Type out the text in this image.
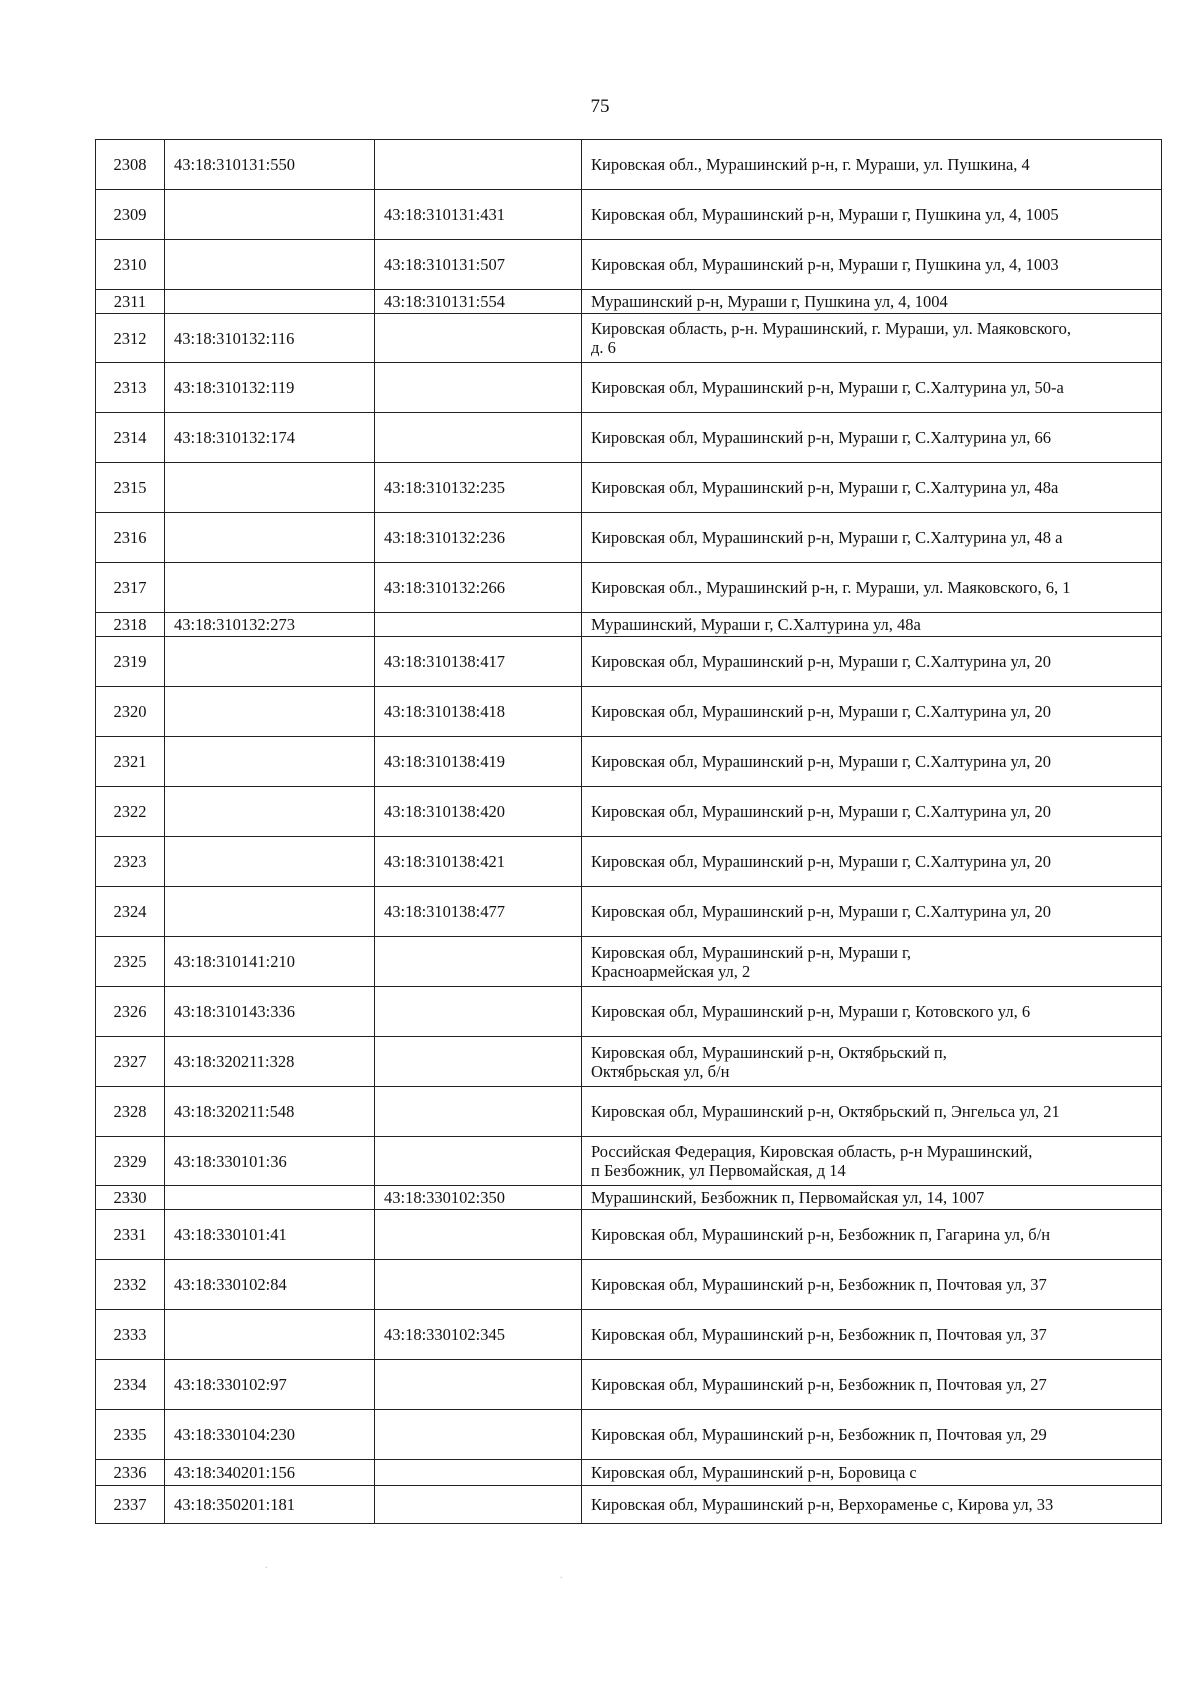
75
2308	43:18:310131:550		Кировская обл., Мурашинский р-н, г. Мураши, ул. Пушкина, 4
2309		43:18:310131:431	Кировская обл, Мурашинский р-н, Мураши г, Пушкина ул, 4, 1005
2310		43:18:310131:507	Кировская обл, Мурашинский р-н, Мураши г, Пушкина ул, 4, 1003
2311		43:18:310131:554	Мурашинский р-н, Мураши г, Пушкина ул, 4, 1004
2312	43:18:310132:116		Кировская область, р-н. Мурашинский, г. Мураши, ул. Маяковского,
д. 6
2313	43:18:310132:119		Кировская обл, Мурашинский р-н, Мураши г, С.Халтурина ул, 50-а
2314	43:18:310132:174		Кировская обл, Мурашинский р-н, Мураши г, С.Халтурина ул, 66
2315		43:18:310132:235	Кировская обл, Мурашинский р-н, Мураши г, С.Халтурина ул, 48а
2316		43:18:310132:236	Кировская обл, Мурашинский р-н, Мураши г, С.Халтурина ул, 48 а
2317		43:18:310132:266	Кировская обл., Мурашинский р-н, г. Мураши, ул. Маяковского, 6, 1
2318	43:18:310132:273		Мурашинский, Мураши г, С.Халтурина ул, 48а
2319		43:18:310138:417	Кировская обл, Мурашинский р-н, Мураши г, С.Халтурина ул, 20
2320		43:18:310138:418	Кировская обл, Мурашинский р-н, Мураши г, С.Халтурина ул, 20
2321		43:18:310138:419	Кировская обл, Мурашинский р-н, Мураши г, С.Халтурина ул, 20
2322		43:18:310138:420	Кировская обл, Мурашинский р-н, Мураши г, С.Халтурина ул, 20
2323		43:18:310138:421	Кировская обл, Мурашинский р-н, Мураши г, С.Халтурина ул, 20
2324		43:18:310138:477	Кировская обл, Мурашинский р-н, Мураши г, С.Халтурина ул, 20
2325	43:18:310141:210		Кировская обл, Мурашинский р-н, Мураши г,
Красноармейская ул, 2
2326	43:18:310143:336		Кировская обл, Мурашинский р-н, Мураши г, Котовского ул, 6
2327	43:18:320211:328		Кировская обл, Мурашинский р-н, Октябрьский п,
Октябрьская ул, б/н
2328	43:18:320211:548		Кировская обл, Мурашинский р-н, Октябрьский п, Энгельса ул, 21
2329	43:18:330101:36		Российская Федерация, Кировская область, р-н Мурашинский,
п Безбожник, ул Первомайская, д 14
2330		43:18:330102:350	Мурашинский, Безбожник п, Первомайская ул, 14, 1007
2331	43:18:330101:41		Кировская обл, Мурашинский р-н, Безбожник п, Гагарина ул, б/н
2332	43:18:330102:84		Кировская обл, Мурашинский р-н, Безбожник п, Почтовая ул, 37
2333		43:18:330102:345	Кировская обл, Мурашинский р-н, Безбожник п, Почтовая ул, 37
2334	43:18:330102:97		Кировская обл, Мурашинский р-н, Безбожник п, Почтовая ул, 27
2335	43:18:330104:230		Кировская обл, Мурашинский р-н, Безбожник п, Почтовая ул, 29
2336	43:18:340201:156		Кировская обл, Мурашинский р-н, Боровица с
2337	43:18:350201:181		Кировская обл, Мурашинский р-н, Верхораменье с, Кирова ул, 33
.
.
